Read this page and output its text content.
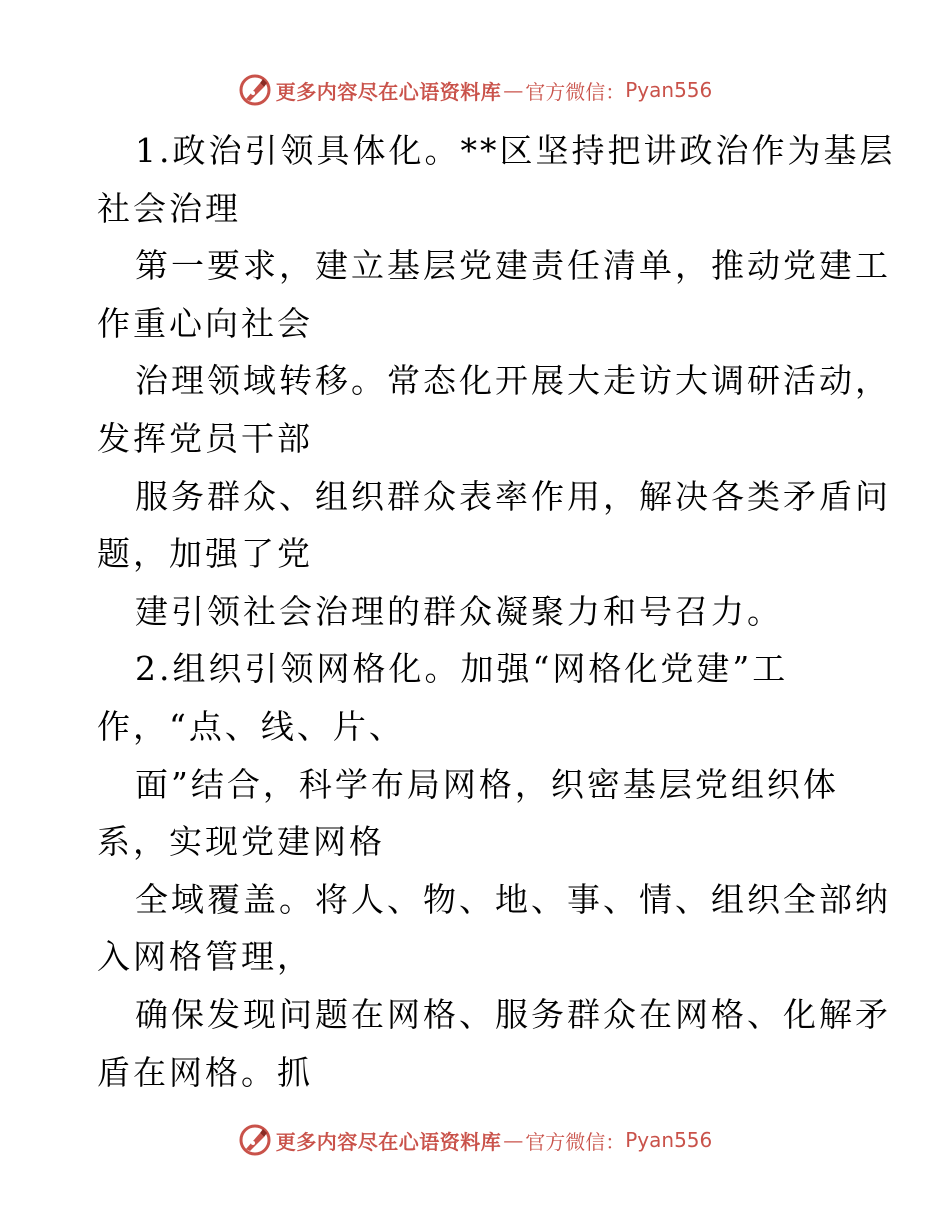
更多内容尽在心语资料库 — 官方微信： Pyan556
1.政治引领具体化。**区坚持把讲政治作为基层
社会治理
第一要求，建立基层党建责任清单，推动党建工
作重心向社会
治理领域转移。常态化开展大走访大调研活动，
发挥党员干部
服务群众、组织群众表率作用，解决各类矛盾问
题，加强了党
建引领社会治理的群众凝聚力和号召力。
2.组织引领网格化。加强“网格化党建”工
作，“点、线、片、
面”结合，科学布局网格，织密基层党组织体
系，实现党建网格
全域覆盖。将人、物、地、事、情、组织全部纳
入网格管理，
确保发现问题在网格、服务群众在网格、化解矛
盾在网格。抓
更多内容尽在心语资料库 — 官方微信： Pyan556
